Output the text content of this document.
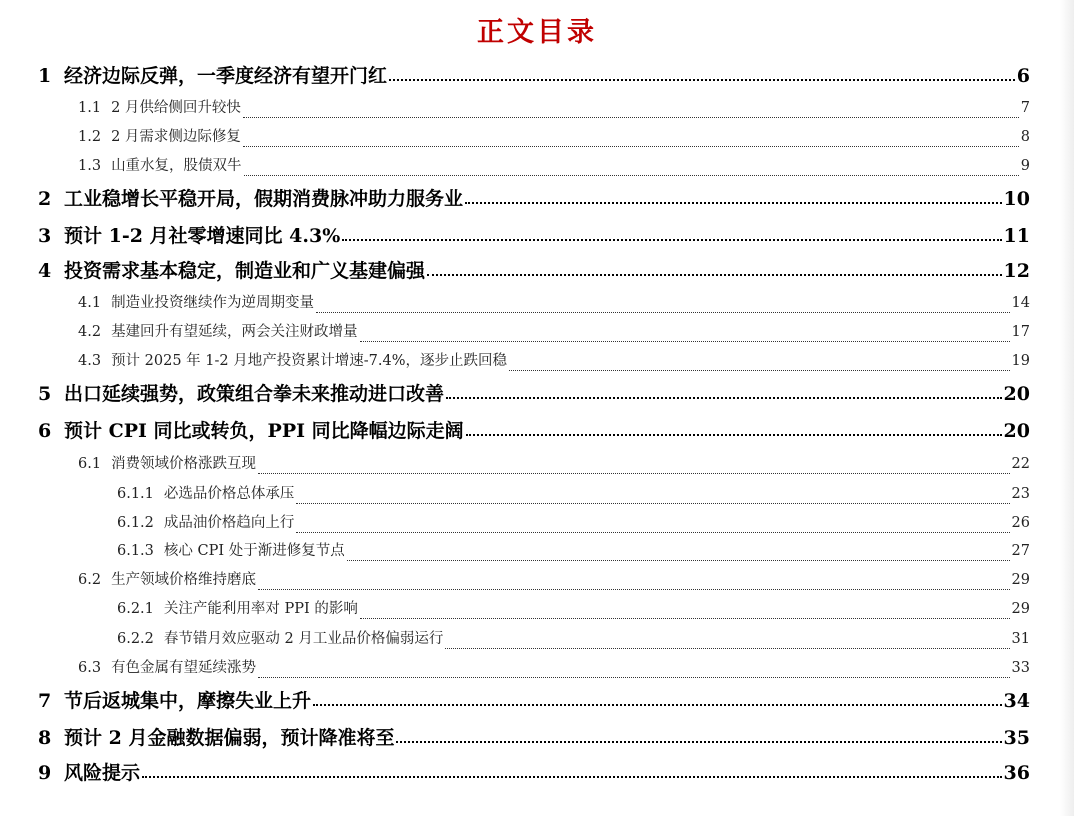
正文目录
1 经济边际反弹，一季度经济有望开门红	6
1.1 2 月供给侧回升较快	7
1.2 2 月需求侧边际修复	8
1.3 山重水复，股债双牛	9
2 工业稳增长平稳开局，假期消费脉冲助力服务业	10
3 预计 1-2 月社零增速同比 4.3%	11
4 投资需求基本稳定，制造业和广义基建偏强	12
4.1 制造业投资继续作为逆周期变量	14
4.2 基建回升有望延续，两会关注财政增量	17
4.3 预计 2025 年 1-2 月地产投资累计增速-7.4%，逐步止跌回稳	19
5 出口延续强势，政策组合拳未来推动进口改善	20
6 预计 CPI 同比或转负，PPI 同比降幅边际走阔	20
6.1 消费领域价格涨跌互现	22
6.1.1 必选品价格总体承压	23
6.1.2 成品油价格趋向上行	26
6.1.3 核心 CPI 处于渐进修复节点	27
6.2 生产领域价格维持磨底	29
6.2.1 关注产能利用率对 PPI 的影响	29
6.2.2 春节错月效应驱动 2 月工业品价格偏弱运行	31
6.3 有色金属有望延续涨势	33
7 节后返城集中，摩擦失业上升	34
8 预计 2 月金融数据偏弱，预计降准将至	35
9 风险提示	36
